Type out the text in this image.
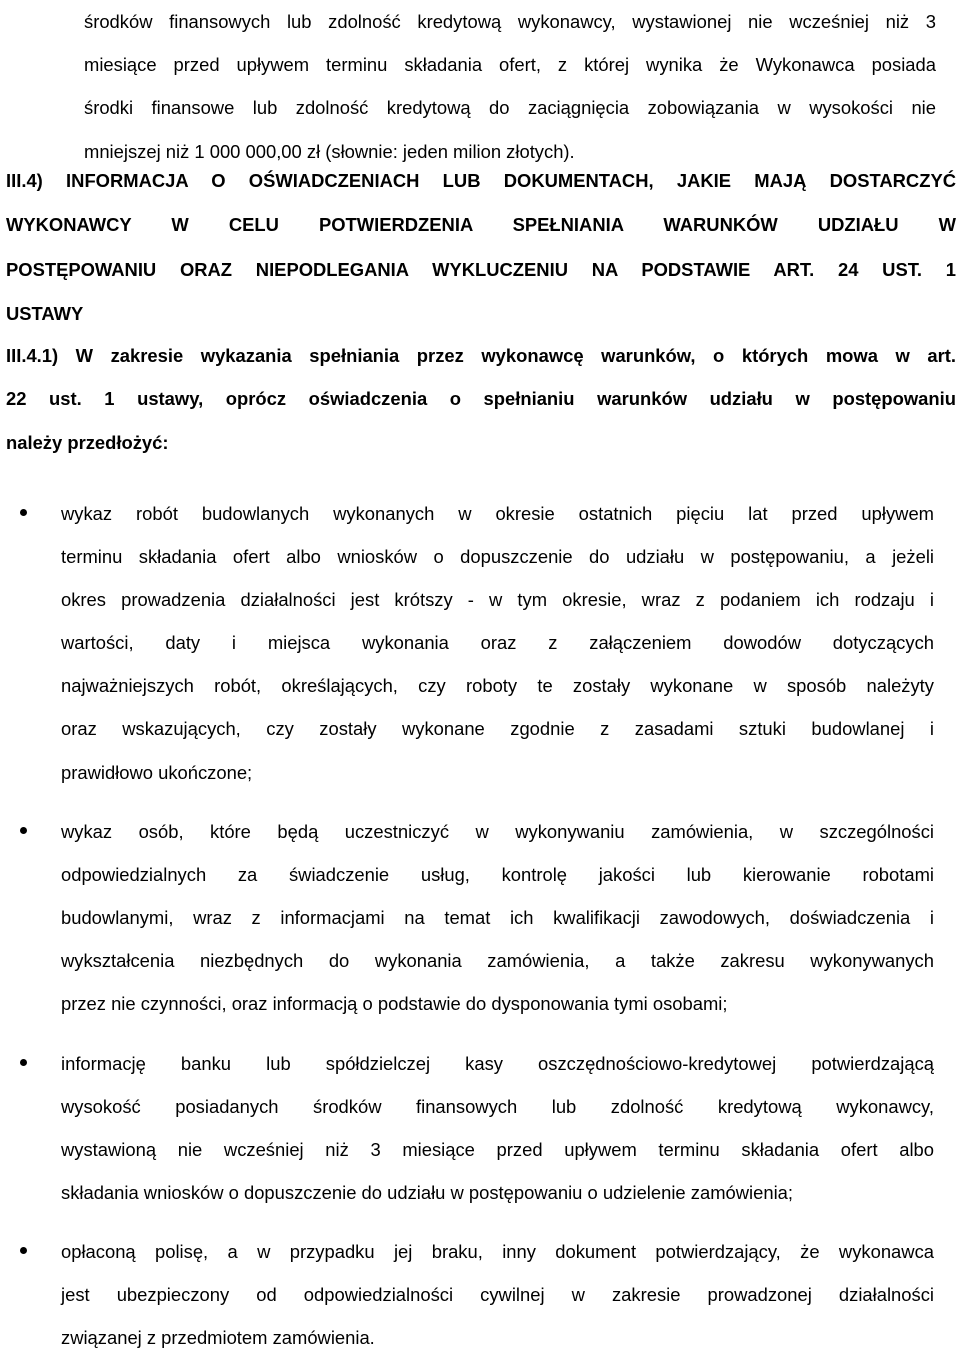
środków finansowych lub zdolność kredytową wykonawcy, wystawionej nie wcześniej niż 3
miesiące przed upływem terminu składania ofert, z której wynika że Wykonawca posiada
środki finansowe lub zdolność kredytową do zaciągnięcia zobowiązania w wysokości nie
mniejszej niż 1 000 000,00 zł (słownie: jeden milion złotych).
III.4) INFORMACJA O OŚWIADCZENIACH LUB DOKUMENTACH, JAKIE MAJĄ DOSTARCZYĆ
WYKONAWCY W CELU POTWIERDZENIA SPEŁNIANIA WARUNKÓW UDZIAŁU W
POSTĘPOWANIU ORAZ NIEPODLEGANIA WYKLUCZENIU NA PODSTAWIE ART. 24 UST. 1
USTAWY
III.4.1) W zakresie wykazania spełniania przez wykonawcę warunków, o których mowa w art.
22 ust. 1 ustawy, oprócz oświadczenia o spełnianiu warunków udziału w postępowaniu
należy przedłożyć:
wykaz robót budowlanych wykonanych w okresie ostatnich pięciu lat przed upływem
terminu składania ofert albo wniosków o dopuszczenie do udziału w postępowaniu, a jeżeli
okres prowadzenia działalności jest krótszy - w tym okresie, wraz z podaniem ich rodzaju i
wartości, daty i miejsca wykonania oraz z załączeniem dowodów dotyczących
najważniejszych robót, określających, czy roboty te zostały wykonane w sposób należyty
oraz wskazujących, czy zostały wykonane zgodnie z zasadami sztuki budowlanej i
prawidłowo ukończone;
wykaz osób, które będą uczestniczyć w wykonywaniu zamówienia, w szczególności
odpowiedzialnych za świadczenie usług, kontrolę jakości lub kierowanie robotami
budowlanymi, wraz z informacjami na temat ich kwalifikacji zawodowych, doświadczenia i
wykształcenia niezbędnych do wykonania zamówienia, a także zakresu wykonywanych
przez nie czynności, oraz informacją o podstawie do dysponowania tymi osobami;
informację banku lub spółdzielczej kasy oszczędnościowo-kredytowej potwierdzającą
wysokość posiadanych środków finansowych lub zdolność kredytową wykonawcy,
wystawioną nie wcześniej niż 3 miesiące przed upływem terminu składania ofert albo
składania wniosków o dopuszczenie do udziału w postępowaniu o udzielenie zamówienia;
opłaconą polisę, a w przypadku jej braku, inny dokument potwierdzający, że wykonawca
jest ubezpieczony od odpowiedzialności cywilnej w zakresie prowadzonej działalności
związanej z przedmiotem zamówienia.
